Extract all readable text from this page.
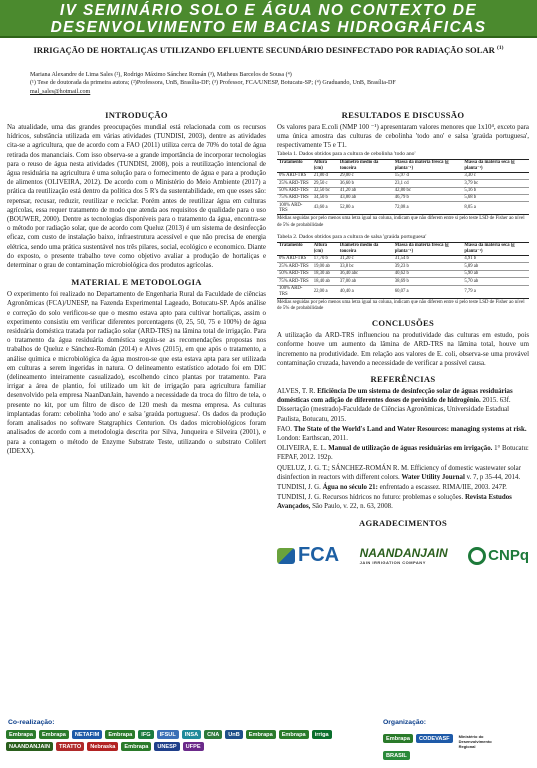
IV SEMINÁRIO SOLO E ÁGUA NO CONTEXTO DE
DESENVOLVIMENTO EM BACIAS HIDROGRÁFICAS
IRRIGAÇÃO DE HORTALIÇAS UTILIZANDO EFLUENTE SECUNDÁRIO DESINFECTADO POR RADIAÇÃO SOLAR $^{(1)}$
Mariana Alexandre de Lima Sales (²), Rodrigo Máximo Sánchez Román (³), Matheus Barcelos de Sousa (⁴)
(¹) Tese de doutorada da primeira autora; (²)Professora, UnB, Brasília-DF; (³) Professor, FCA/UNESP, Botucatu-SP; (⁴) Graduando, UnB, Brasília-DF
mal_sales@hotmail.com
INTRODUÇÃO

Na atualidade, uma das grandes preocupações mundial está relacionada com os recursos hídricos, substância utilizada em várias atividades (TUNDISI, 2003), dentre as atividades cita-se a agricultura, que de acordo com a FAO (2011) utiliza cerca de 70% do total de água retirada dos mananciais. Com isso observa-se a grande importância de incorporar tecnologias para o reuso de água nesta atividades (TUNDISI, 2008), pois a reutilização intencional de água residuária na agricultura é uma solução para o fornecimento de água e para a produção de alimentos (OLIVEIRA, 2012). De acordo com o Ministério do Meio Ambiente (2017) a prática da reutilização está dentro da política dos 5 R's da sustentabilidade, em que esses são: repensar, recusar, reduzir, reutilizar e reciclar. Porém antes de reutilizar água em culturas agrícolas, essa requer tratamento de modo que atenda aos requisitos de qualidade para o uso (BOUWER, 2000). Dentre as tecnologias disponíveis para o tratamento da água, encontra-se o método por radiação solar, que de acordo com Queluz (2013) é um sistema de desinfecção eficaz, com custo de instalação baixo, infraestrutura acessível e que não precisa de energia elétrica, sendo uma prática sustentável nos três pilares, social, ecológico e economico. Diante do exposto, o presente trabalho teve como objetivo avaliar a produção de hortaliças e determinar o grau de contaminação microbiológica dos produtos agrícolas.

MATERIAL E METODOLOGIA

O experimento foi realizado no Departamento de Engenharia Rural da Faculdade de ciências Agronômicas (FCA)/UNESP, na Fazenda Experimental Lageado, Botucatu-SP. Após análise e correção do solo verificou-se que o mesmo estava apto para cultivar hortaliças, assim o experimento consistiu em verificar diferentes porcentagens (0, 25, 50, 75 e 100%) de água residuária doméstica tratada por radiação solar (ARD-TRS) na lâmina total de irrigação. Para o tratamento da água residuária doméstica seguiu-se as recomendações propostas nos trabalhos de Queluz e Sánchez-Román (2014) e Alves (2015), em que após o tratamento, a análise química e microbiológica da água mostrou-se que esta estava apta para ser utilizada em culturas a serem ingeridas in natura. O delineamento estatístico adotado foi em DIC (delineamento inteiramente casualizado), escolhendo cinco plantas por tratamento. Para irrigar a área de plantio, foi utilizado um kit de irrigação para agricultura familiar desenvolvido pela empresa NaanDanJain, havendo a necessidade da troca do filtro de tela, o presente no kit, por um filtro de disco de 120 mesh da mesma empresa. As culturas implantadas foram: cebolinha 'todo ano' e salsa 'graúda portuguesa'. Os dados da produção foram analisados no software Statgraphics Centurion. Os dados microbiológicos foram analisados de acordo com a metodologia descrita por Silva, Junqueira e Silveira (2001), e para a contagem o método de Enzyme Substrate Teste, utilizando o substrato Colilert (IDEXX).

RESULTADOS E DISCUSSÃO

Os valores para E.coli (NMP 100 ⁻¹) apresentaram valores menores que 1x10⁴, exceto para uma única amostra das culturas de cebolinha 'todo ano' e salsa 'graúda portuguesa', respectivamente T5 e T1.

Tabela 1. Dados obtidos para a cultura de cebolinha 'todo ano'
Tratamento	Altura (cm)	Diâmetro médio da touceira	Massa da matéria fresca (g planta⁻¹)	Massa da matéria seca (g planta⁻¹)
0% ARD-TRS	21,80 d	29,00 c	15,97 d	3,30 c
25% ARD-TRS	29,50 c	36,60 b	23,1 cd	3,79 bc
50% ARD-TRS	32,50 bc	41,20 ab	42,80 bc	5,16 b
75% ARD-TRS	34,50 b	43,80 ab	46,79 b	5,68 b
100% ARD-TRS	43,60 a	52,80 a	72,08 a	8,05 a
Médias seguidas por pelo menos uma letra igual na coluna, indicam que não diferem entre si pelo teste LSD de Fisher ao nível de 5% de probabilidade
Tabela 2. Dados obtidos para a cultura de salsa 'graúda portuguesa'
Tratamento	Altura (cm)	Diâmetro médio da touceira	Massa da matéria fresca (g planta⁻¹)	Massa da matéria seca (g planta⁻¹)
0% ARD-TRS	17,70 b	31,20 c	31,54 b	4,91 b
25% ARD-TRS	19,00 ab	33,8 bc	39,23 b	5,89 ab
50% ARD-TRS	18,30 ab	36,40 abc	40,62 b	5,90 ab
75% ARD-TRS	18,40 ab	37,00 ab	38,69 b	5,70 ab
100% ARD-TRS	22,00 a	40,40 a	60,07 a	7,79 a
Médias seguidas por pelo menos uma letra igual na coluna, indicam que não diferem entre si pelo teste LSD de Fisher ao nível de 5% de probabilidade
CONCLUSÕES

A utilização da ARD-TRS influenciou na produtividade das culturas em estudo, pois conforme houve um aumento da lâmina de ARD-TRS na lâmina total, houve um incremento na produtividade. Em relação aos valores de E. coli, observa-se uma provável contaminação cruzada, havendo a necessidade de verificar a possível causa.

REFERÊNCIAS

ALVES, T. R. Eficiência De um sistema de desinfecção solar de águas residuárias domésticas com adição de diferentes doses de peróxido de hidrogênio. 2015. 63f. Dissertação (mestrado)-Faculdade de Ciências Agronômicas, Universidade Estadual Paulista, Botucatu, 2015.

FAO. The State of the World's Land and Water Resources: managing systems at risk. London: Earthscan, 2011.

OLIVEIRA, E. L. Manual de utilização de águas residuárias em irrigação. 1° Botucatu: FEPAF, 2012. 192p.

QUELUZ, J. G. T.; SÁNCHEZ-ROMÁN R. M. Efficiency of domestic wastewater solar disinfection in reactors with different colors. Water Utility Journal v. 7, p 35-44, 2014.

TUNDISI, J. G. Água no século 21: enfrentado a escassez. RIMA/IIE, 2003. 247P.

TUNDISI, J. G. Recursos hídricos no futuro: problemas e soluções. Revista Estudos Avançados, São Paulo, v. 22, n. 63, 2008.

AGRADECIMENTOS
FCA NAANDANJAIN
JAIN IRRIGATION COMPANY	CNPq
Co-realização:	Organização:
Embrapa	Embrapa	NETAFIM	Embrapa	IFG	IFSUL	INSA	CNA	UnB	Embrapa	Embrapa	irriga
NAANDANJAIN	TRATTO	Nebraska	Embrapa	UNESP	UFPE
Embrapa	CODEVASF	Ministério do Desenvolvimento Regional
BRASIL
